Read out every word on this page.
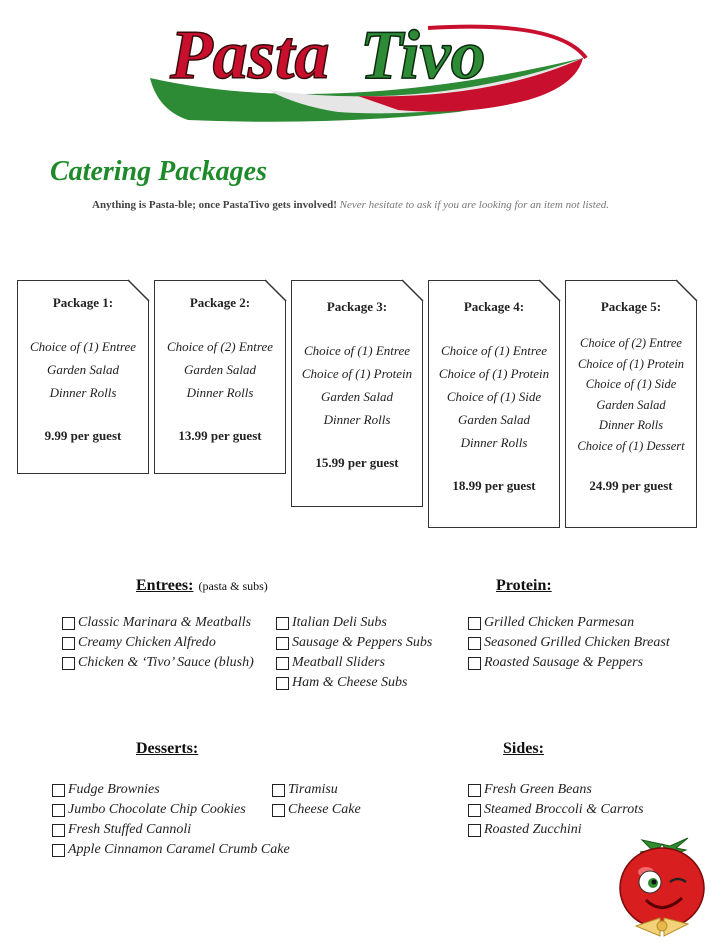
Pasta Tivo
Catering Packages
Anything is Pasta-ble; once PastaTivo gets involved! Never hesitate to ask if you are looking for an item not listed.
Package 1:
Choice of (1) Entree
Garden Salad
Dinner Rolls
9.99 per guest
Package 2:
Choice of (2) Entree
Garden Salad
Dinner Rolls
13.99 per guest
Package 3:
Choice of (1) Entree
Choice of (1) Protein
Garden Salad
Dinner Rolls
15.99 per guest
Package 4:
Choice of (1) Entree
Choice of (1) Protein
Choice of (1) Side
Garden Salad
Dinner Rolls
18.99 per guest
Package 5:
Choice of (2) Entree
Choice of (1) Protein
Choice of (1) Side
Garden Salad
Dinner Rolls
Choice of (1) Dessert
24.99 per guest
Entrees: (pasta & subs)
Classic Marinara & Meatballs
Creamy Chicken Alfredo
Chicken & ‘Tivo’ Sauce (blush)
Italian Deli Subs
Sausage & Peppers Subs
Meatball Sliders
Ham & Cheese Subs
Protein:
Grilled Chicken Parmesan
Seasoned Grilled Chicken Breast
Roasted Sausage & Peppers
Desserts:
Fudge Brownies
Jumbo Chocolate Chip Cookies
Fresh Stuffed Cannoli
Apple Cinnamon Caramel Crumb Cake
Tiramisu
Cheese Cake
Sides:
Fresh Green Beans
Steamed Broccoli & Carrots
Roasted Zucchini
